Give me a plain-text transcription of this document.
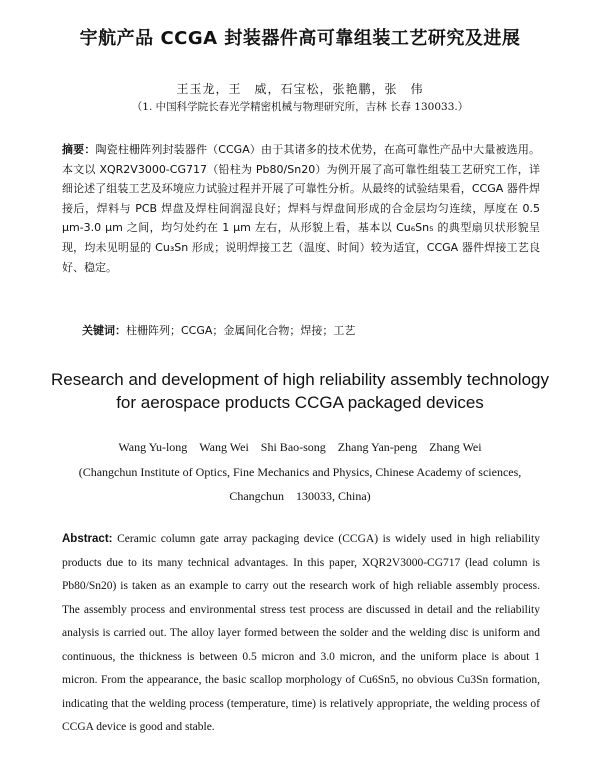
宇航产品 CCGA 封装器件高可靠组装工艺研究及进展
王玉龙，王　威，石宝松，张艳鹏，张　伟
（1. 中国科学院长春光学精密机械与物理研究所，吉林 长春 130033.）
摘要：陶瓷柱栅阵列封装器件（CCGA）由于其诸多的技术优势，在高可靠性产品中大量被选用。本文以 XQR2V3000-CG717（铅柱为 Pb80/Sn20）为例开展了高可靠性组装工艺研究工作，详细论述了组装工艺及环境应力试验过程并开展了可靠性分析。从最终的试验结果看，CCGA 器件焊接后，焊料与 PCB 焊盘及焊柱间润湿良好；焊料与焊盘间形成的合金层均匀连续，厚度在 0.5 μm-3.0 μm 之间，均匀处约在 1 μm 左右，从形貌上看，基本以 Cu₆Sn₅ 的典型扇贝状形貌呈现，均未见明显的 Cu₃Sn 形成；说明焊接工艺（温度、时间）较为适宜，CCGA 器件焊接工艺良好、稳定。
关键词：柱栅阵列；CCGA；金属间化合物；焊接；工艺
Research and development of high reliability assembly technology
for aerospace products CCGA packaged devices
Wang Yu-long　Wang Wei　Shi Bao-song　Zhang Yan-peng　Zhang Wei
(Changchun Institute of Optics, Fine Mechanics and Physics, Chinese Academy of sciences,
Changchun　130033, China)
Abstract: Ceramic column gate array packaging device (CCGA) is widely used in high reliability products due to its many technical advantages. In this paper, XQR2V3000-CG717 (lead column is Pb80/Sn20) is taken as an example to carry out the research work of high reliable assembly process. The assembly process and environmental stress test process are discussed in detail and the reliability analysis is carried out. The alloy layer formed between the solder and the welding disc is uniform and continuous, the thickness is between 0.5 micron and 3.0 micron, and the uniform place is about 1 micron. From the appearance, the basic scallop morphology of Cu6Sn5, no obvious Cu3Sn formation, indicating that the welding process (temperature, time) is relatively appropriate, the welding process of CCGA device is good and stable.
